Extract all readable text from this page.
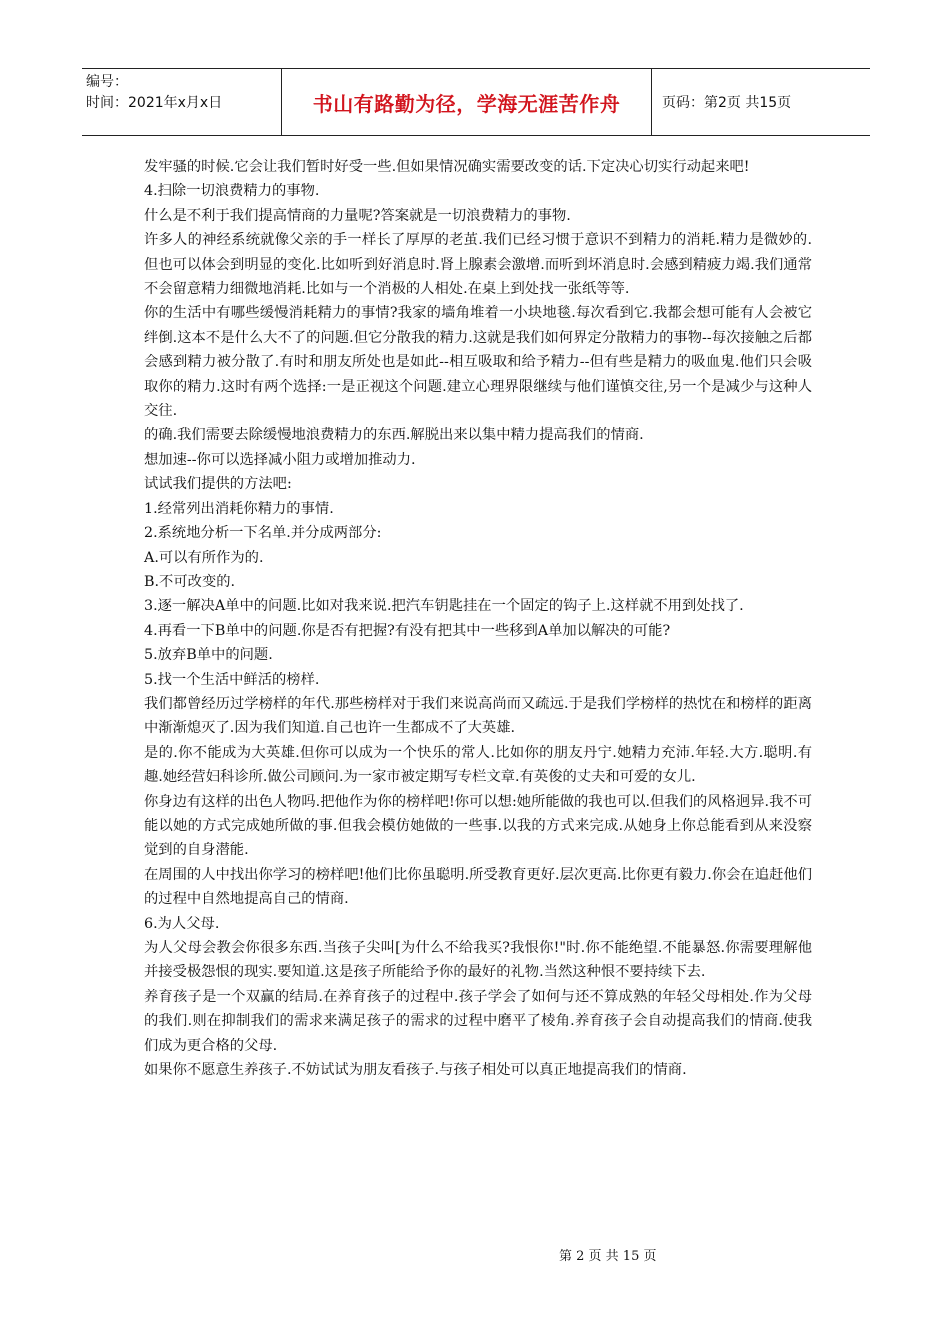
编号：
时间：2021年x月x日	书山有路勤为径，学海无涯苦作舟	页码：第2页 共15页

发牢骚的时候.它会让我们暂时好受一些.但如果情况确实需要改变的话.下定决心切实行动起来吧!

4.扫除一切浪费精力的事物.

什么是不利于我们提高情商的力量呢?答案就是一切浪费精力的事物.

许多人的神经系统就像父亲的手一样长了厚厚的老茧.我们已经习惯于意识不到精力的消耗.精力是微妙的.但也可以体会到明显的变化.比如听到好消息时.肾上腺素会激增.而听到坏消息时.会感到精疲力竭.我们通常不会留意精力细微地消耗.比如与一个消极的人相处.在桌上到处找一张纸等等.

你的生活中有哪些缓慢消耗精力的事情?我家的墙角堆着一小块地毯.每次看到它.我都会想可能有人会被它绊倒.这本不是什么大不了的问题.但它分散我的精力.这就是我们如何界定分散精力的事物--每次接触之后都会感到精力被分散了.有时和朋友所处也是如此--相互吸取和给予精力--但有些是精力的吸血鬼.他们只会吸取你的精力.这时有两个选择:一是正视这个问题.建立心理界限继续与他们谨慎交往,另一个是减少与这种人交往.

的确.我们需要去除缓慢地浪费精力的东西.解脱出来以集中精力提高我们的情商.

想加速--你可以选择减小阻力或增加推动力.

试试我们提供的方法吧:

1.经常列出消耗你精力的事情.

2.系统地分析一下名单.并分成两部分:

A.可以有所作为的.

B.不可改变的.

3.逐一解决A单中的问题.比如对我来说.把汽车钥匙挂在一个固定的钩子上.这样就不用到处找了.

4.再看一下B单中的问题.你是否有把握?有没有把其中一些移到A单加以解决的可能?

5.放弃B单中的问题.

5.找一个生活中鲜活的榜样.

我们都曾经历过学榜样的年代.那些榜样对于我们来说高尚而又疏远.于是我们学榜样的热忱在和榜样的距离中渐渐熄灭了.因为我们知道.自己也许一生都成不了大英雄.

是的.你不能成为大英雄.但你可以成为一个快乐的常人.比如你的朋友丹宁.她精力充沛.年轻.大方.聪明.有趣.她经营妇科诊所.做公司顾问.为一家市被定期写专栏文章.有英俊的丈夫和可爱的女儿.

你身边有这样的出色人物吗.把他作为你的榜样吧!你可以想:她所能做的我也可以.但我们的风格迥异.我不可能以她的方式完成她所做的事.但我会模仿她做的一些事.以我的方式来完成.从她身上你总能看到从来没察觉到的自身潜能.

在周围的人中找出你学习的榜样吧!他们比你虽聪明.所受教育更好.层次更高.比你更有毅力.你会在追赶他们的过程中自然地提高自己的情商.

6.为人父母.

为人父母会教会你很多东西.当孩子尖叫[为什么不给我买?我恨你!"时.你不能绝望.不能暴怒.你需要理解他并接受极怨恨的现实.要知道.这是孩子所能给予你的最好的礼物.当然这种恨不要持续下去.

养育孩子是一个双赢的结局.在养育孩子的过程中.孩子学会了如何与还不算成熟的年轻父母相处.作为父母的我们.则在抑制我们的需求来满足孩子的需求的过程中磨平了棱角.养育孩子会自动提高我们的情商.使我们成为更合格的父母.

如果你不愿意生养孩子.不妨试试为朋友看孩子.与孩子相处可以真正地提高我们的情商.

第 2 页 共 15 页
